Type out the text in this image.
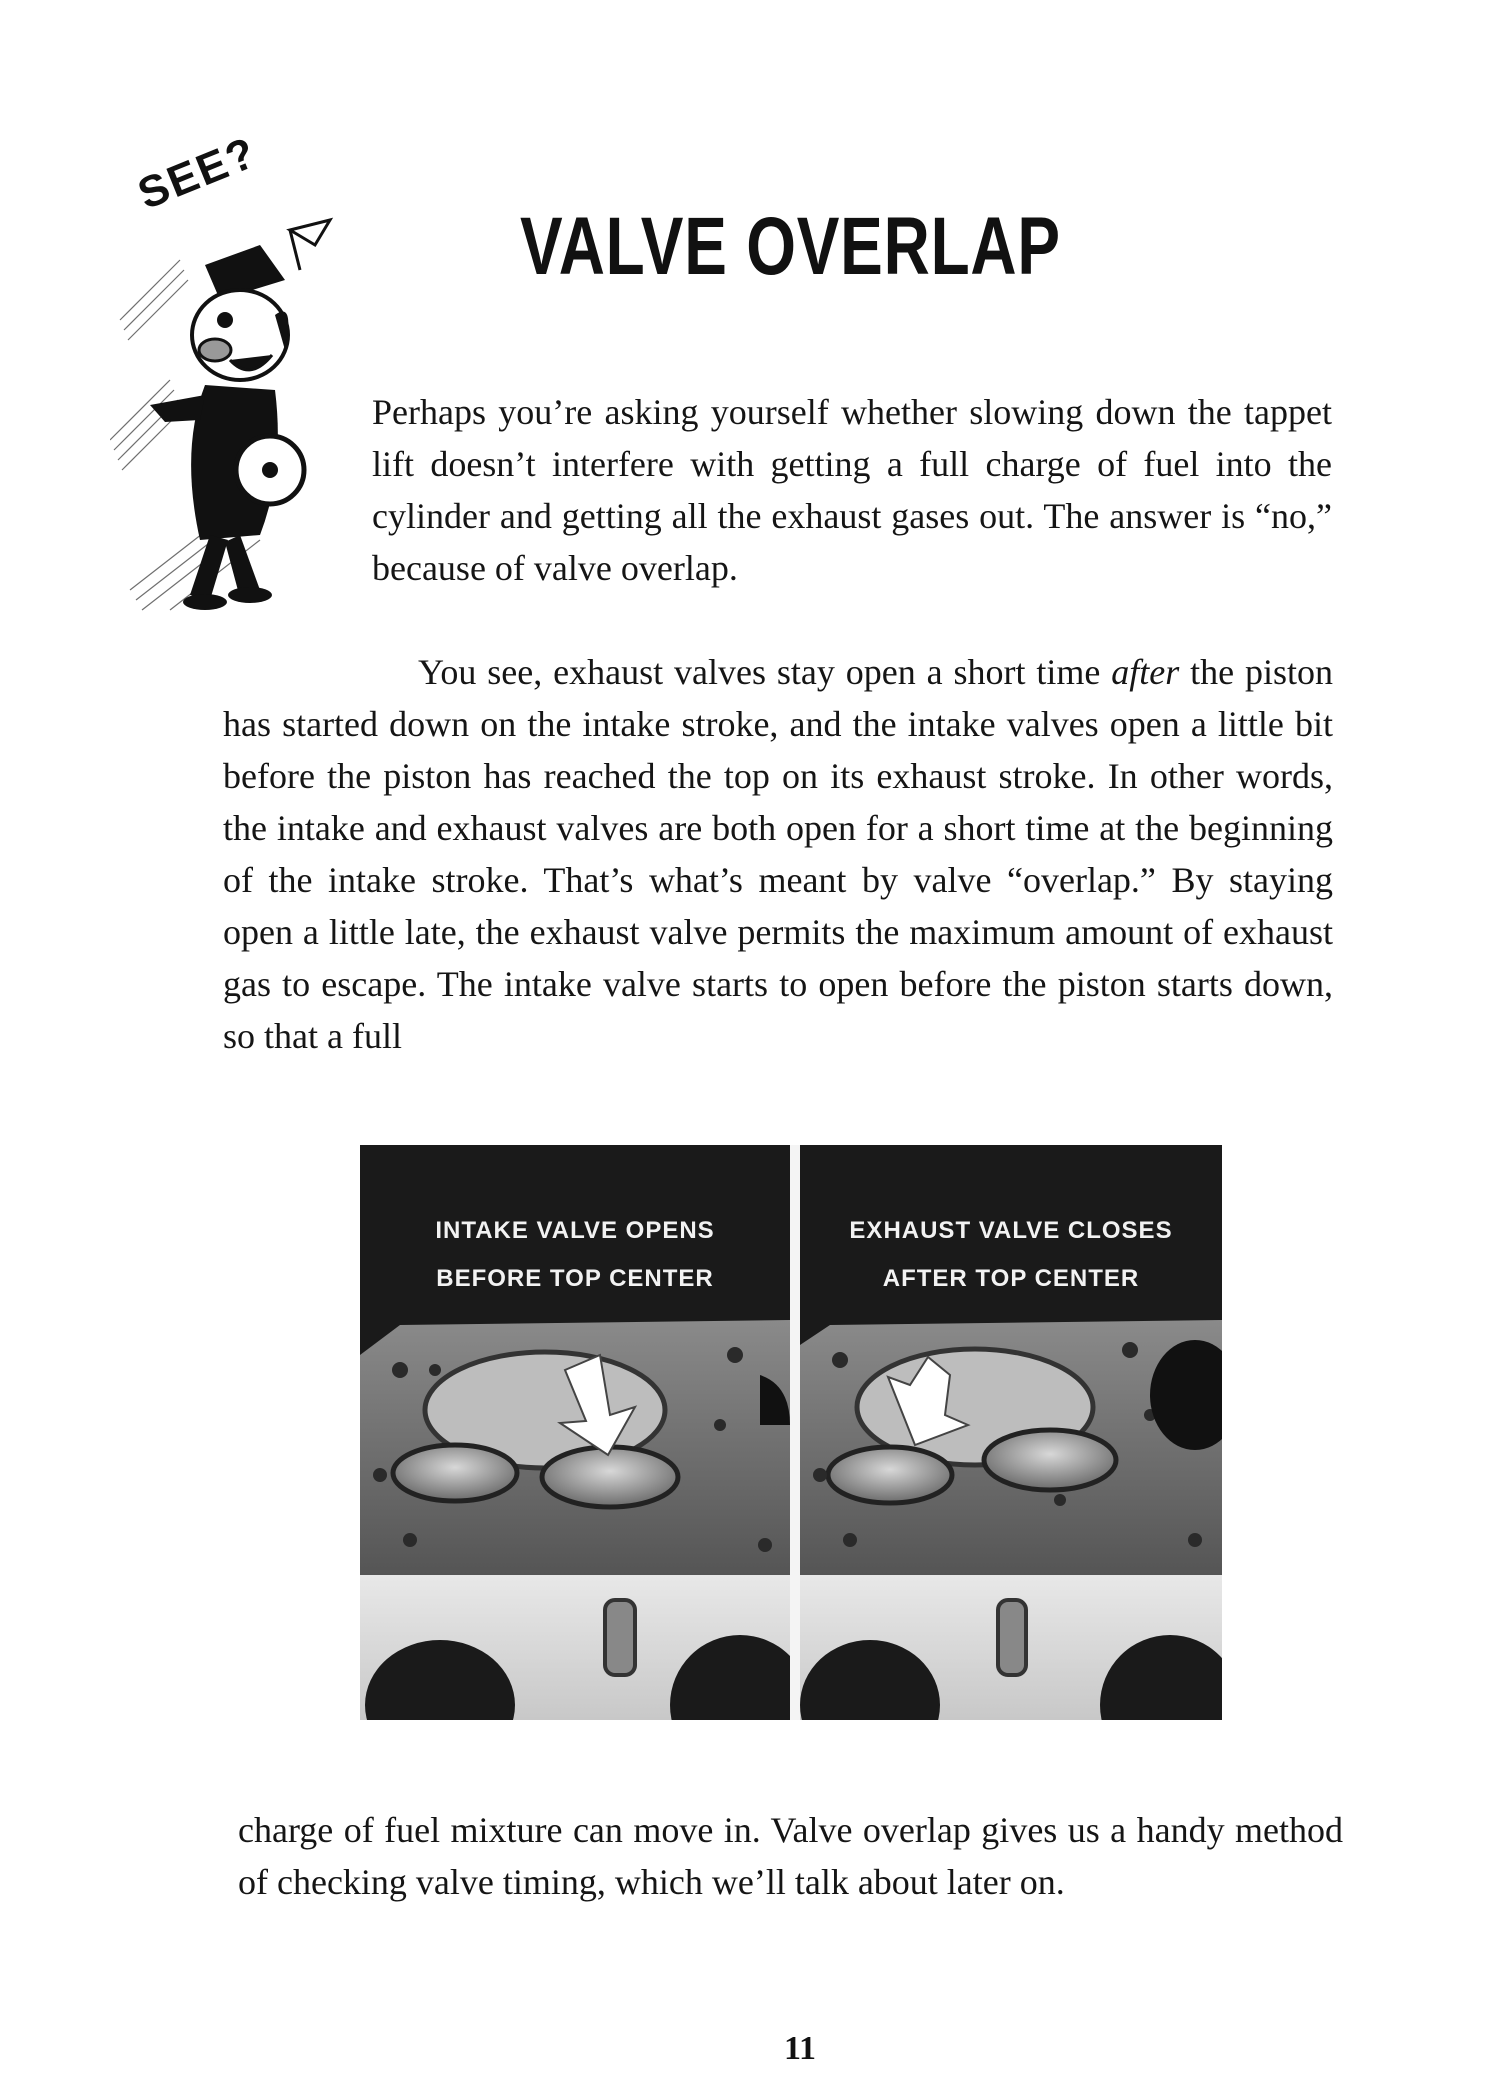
SEE?
VALVE OVERLAP

Perhaps you’re asking yourself whether slowing down the tappet lift doesn’t interfere with getting a full charge of fuel into the cylinder and getting all the exhaust gases out. The answer is “no,” because of valve overlap.

You see, exhaust valves stay open a short time after the piston has started down on the intake stroke, and the intake valves open a little bit before the piston has reached the top on its exhaust stroke. In other words, the intake and exhaust valves are both open for a short time at the beginning of the intake stroke. That’s what’s meant by valve “overlap.” By staying open a little late, the exhaust valve permits the maximum amount of exhaust gas to escape. The intake valve starts to open before the piston starts down, so that a full

INTAKE VALVE OPENS
BEFORE TOP CENTER
EXHAUST VALVE CLOSES
AFTER TOP CENTER

charge of fuel mixture can move in. Valve overlap gives us a handy method of checking valve timing, which we’ll talk about later on.

11
